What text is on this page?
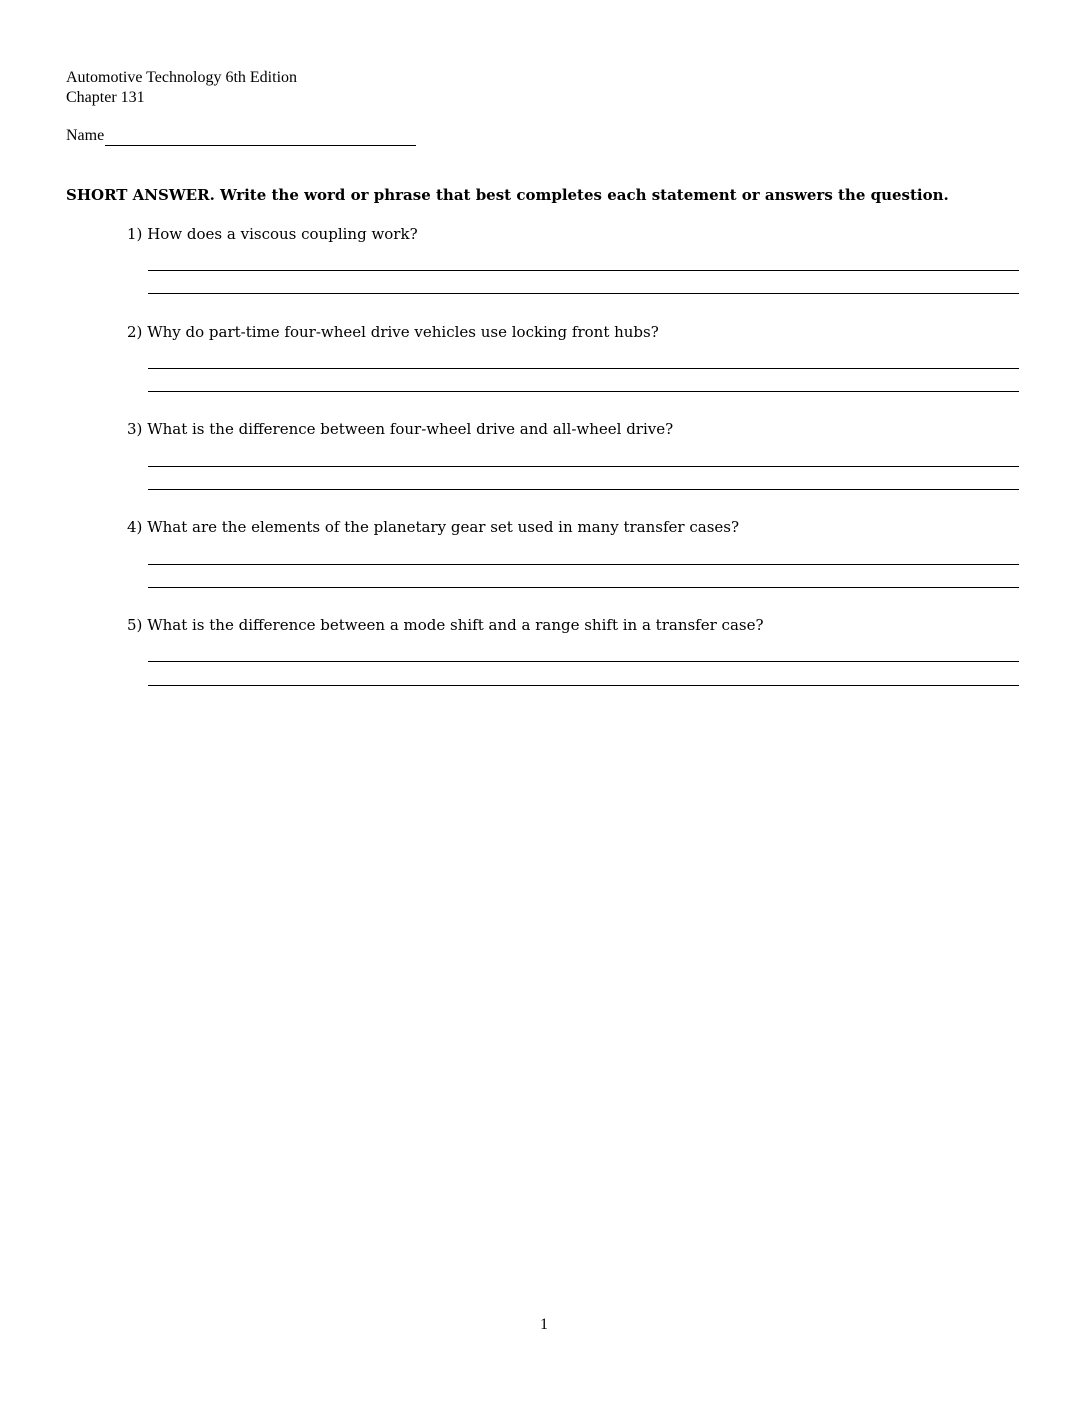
Automotive Technology 6th Edition
Chapter 131
Name
SHORT ANSWER. Write the word or phrase that best completes each statement or answers the question.
1) How does a viscous coupling work?
2) Why do part-time four-wheel drive vehicles use locking front hubs?
3) What is the difference between four-wheel drive and all-wheel drive?
4) What are the elements of the planetary gear set used in many transfer cases?
5) What is the difference between a mode shift and a range shift in a transfer case?
1
